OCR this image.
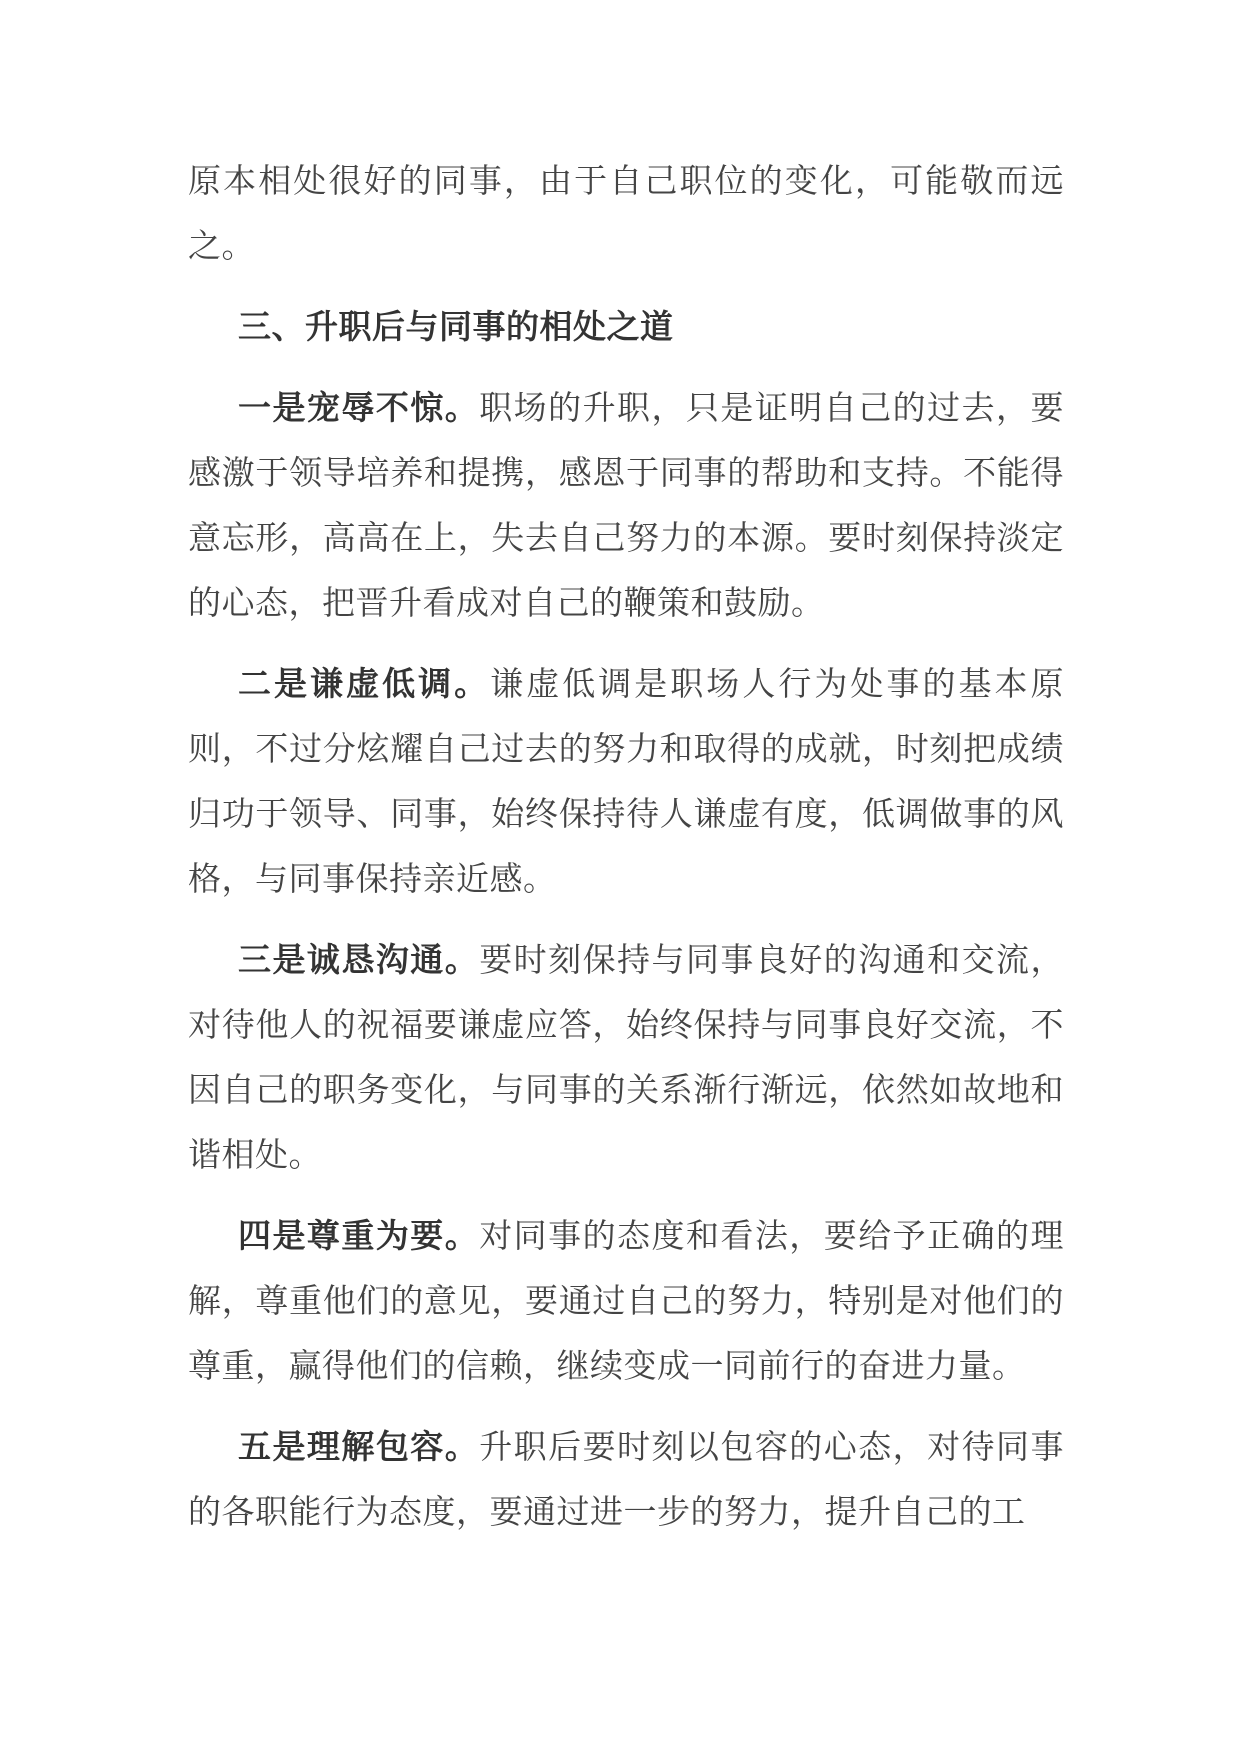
原本相处很好的同事，由于自己职位的变化，可能敬而远之。

三、升职后与同事的相处之道

一是宠辱不惊。职场的升职，只是证明自己的过去，要感激于领导培养和提携，感恩于同事的帮助和支持。不能得意忘形，高高在上，失去自己努力的本源。要时刻保持淡定的心态，把晋升看成对自己的鞭策和鼓励。

二是谦虚低调。谦虚低调是职场人行为处事的基本原则，不过分炫耀自己过去的努力和取得的成就，时刻把成绩归功于领导、同事，始终保持待人谦虚有度，低调做事的风格，与同事保持亲近感。

三是诚恳沟通。要时刻保持与同事良好的沟通和交流，对待他人的祝福要谦虚应答，始终保持与同事良好交流，不因自己的职务变化，与同事的关系渐行渐远，依然如故地和谐相处。

四是尊重为要。对同事的态度和看法，要给予正确的理解，尊重他们的意见，要通过自己的努力，特别是对他们的尊重，赢得他们的信赖，继续变成一同前行的奋进力量。

五是理解包容。升职后要时刻以包容的心态，对待同事的各职能行为态度，要通过进一步的努力，提升自己的工
